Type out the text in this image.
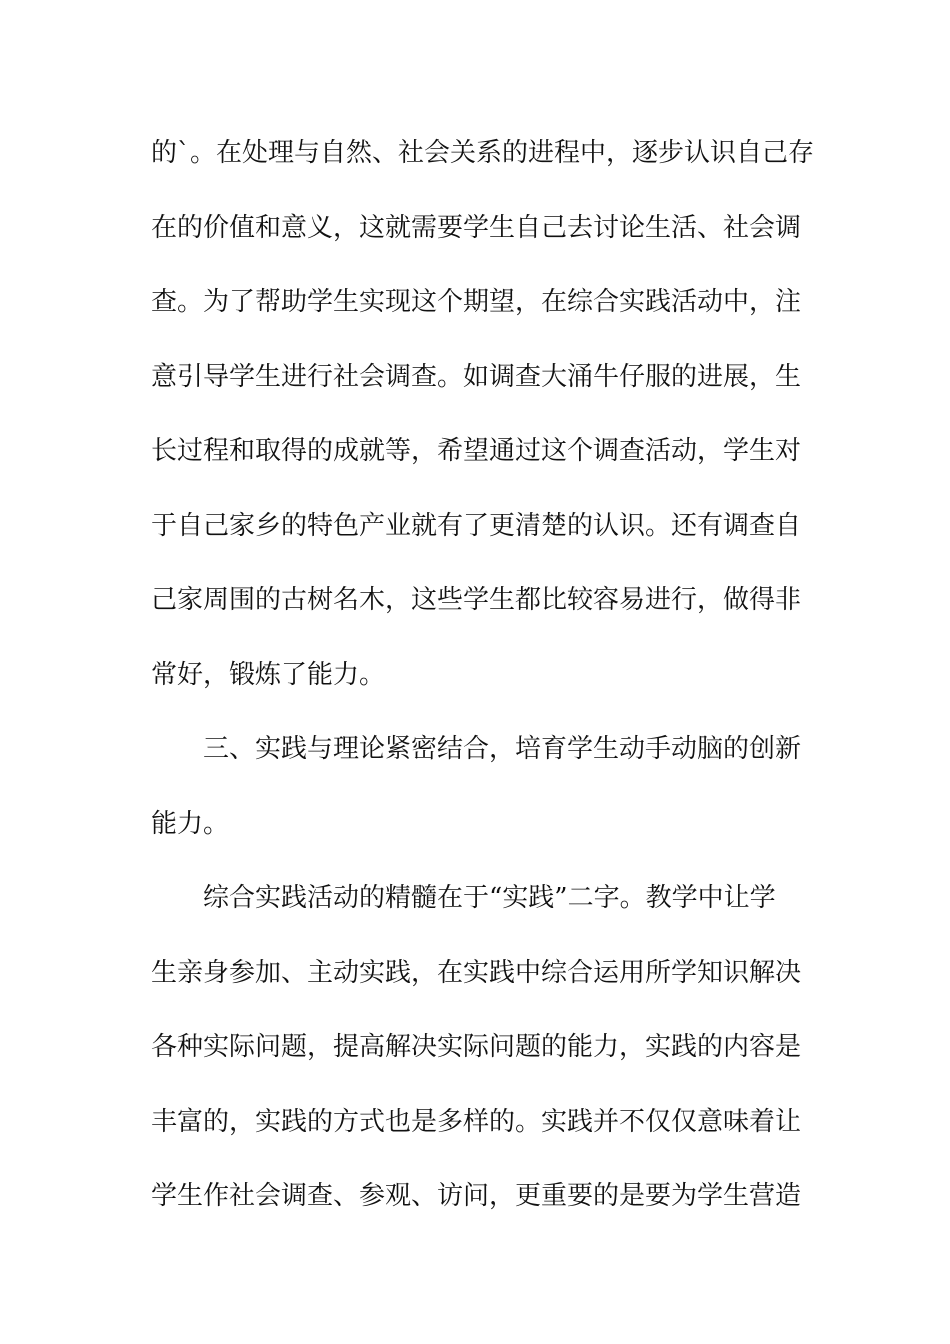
的`。在处理与自然、社会关系的进程中，逐步认识自己存
在的价值和意义，这就需要学生自己去讨论生活、社会调
查。为了帮助学生实现这个期望，在综合实践活动中，注
意引导学生进行社会调查。如调查大涌牛仔服的进展，生
长过程和取得的成就等，希望通过这个调查活动，学生对
于自己家乡的特色产业就有了更清楚的认识。还有调查自
己家周围的古树名木，这些学生都比较容易进行，做得非
常好，锻炼了能力。
三、实践与理论紧密结合，培育学生动手动脑的创新
能力。
综合实践活动的精髓在于“实践”二字。教学中让学
生亲身参加、主动实践，在实践中综合运用所学知识解决
各种实际问题，提高解决实际问题的能力，实践的内容是
丰富的，实践的方式也是多样的。实践并不仅仅意味着让
学生作社会调查、参观、访问，更重要的是要为学生营造
